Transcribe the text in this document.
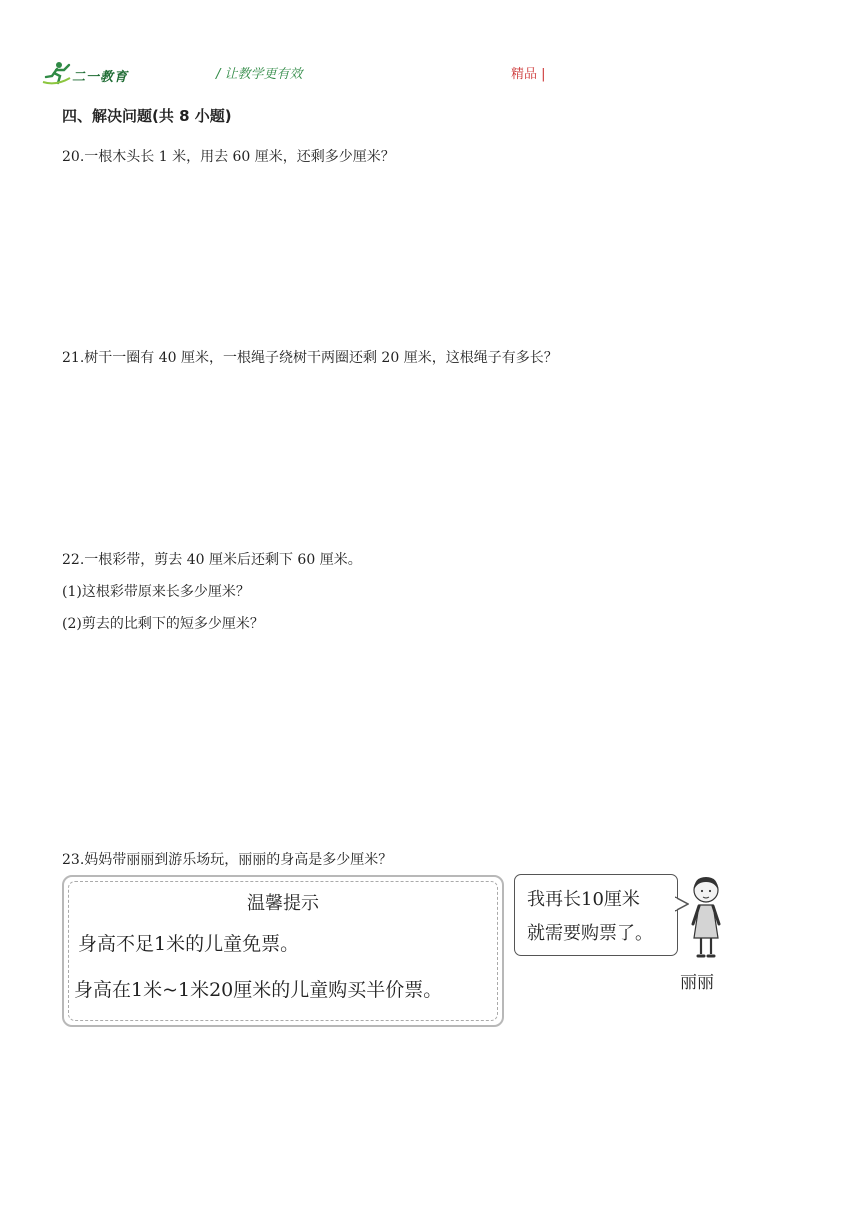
二一教育	/ 让教学更有效	精品 |
四、解决问题(共 8 小题)
20.一根木头长 1 米，用去 60 厘米，还剩多少厘米？
21.树干一圈有 40 厘米，一根绳子绕树干两圈还剩 20 厘米，这根绳子有多长？
22.一根彩带，剪去 40 厘米后还剩下 60 厘米。
(1)这根彩带原来长多少厘米？
(2)剪去的比剩下的短多少厘米？
23.妈妈带丽丽到游乐场玩，丽丽的身高是多少厘米？
温馨提示
身高不足1米的儿童免票。
身高在1米~1米20厘米的儿童购买半价票。
我再长10厘米
就需要购票了。
丽丽
